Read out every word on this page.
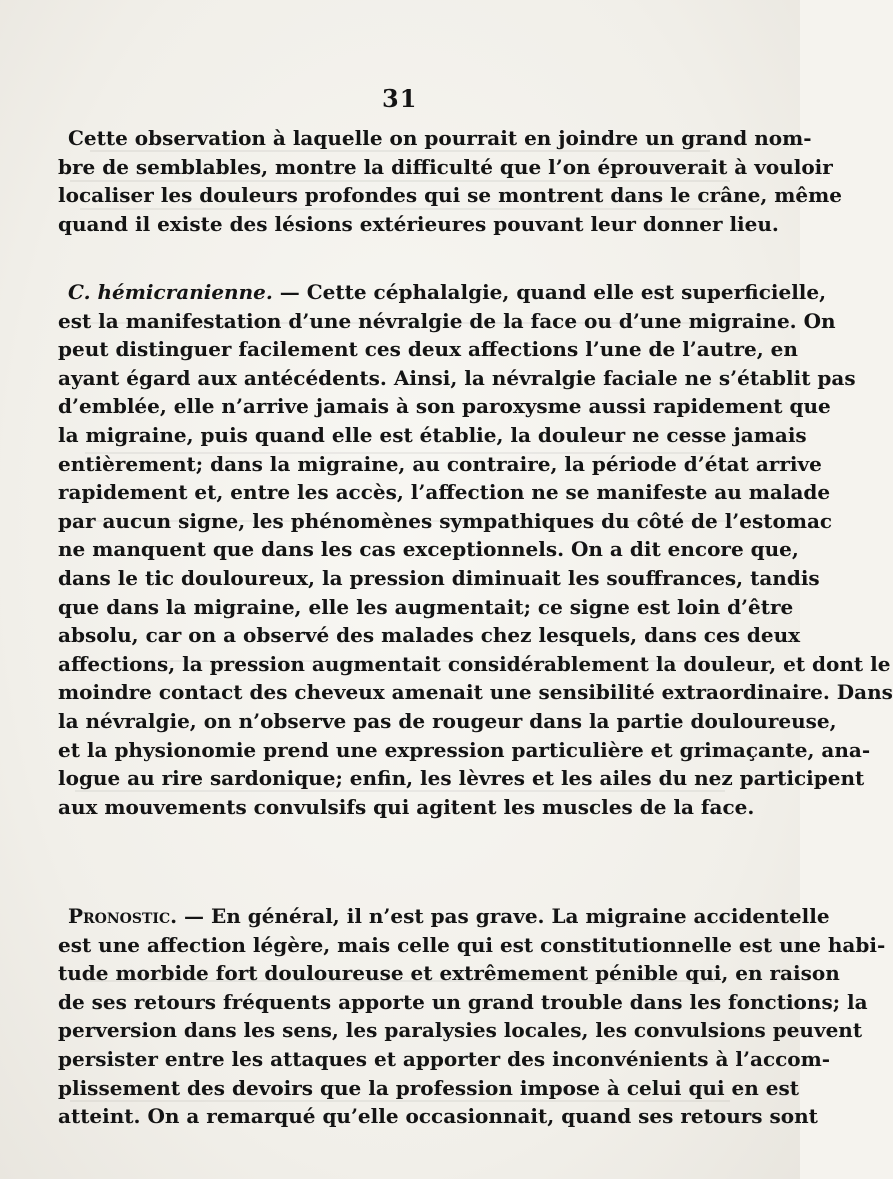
31
Cette observation à laquelle on pourrait en joindre un grand nom-
bre de semblables, montre la difficulté que l’on éprouverait à vouloir
localiser les douleurs profondes qui se montrent dans le crâne, même
quand il existe des lésions extérieures pouvant leur donner lieu.
C. hémicranienne. — Cette céphalalgie, quand elle est superficielle,
est la manifestation d’une névralgie de la face ou d’une migraine. On
peut distinguer facilement ces deux affections l’une de l’autre, en
ayant égard aux antécédents. Ainsi, la névralgie faciale ne s’établit pas
d’emblée, elle n’arrive jamais à son paroxysme aussi rapidement que
la migraine, puis quand elle est établie, la douleur ne cesse jamais
entièrement; dans la migraine, au contraire, la période d’état arrive
rapidement et, entre les accès, l’affection ne se manifeste au malade
par aucun signe, les phénomènes sympathiques du côté de l’estomac
ne manquent que dans les cas exceptionnels. On a dit encore que,
dans le tic douloureux, la pression diminuait les souffrances, tandis
que dans la migraine, elle les augmentait; ce signe est loin d’être
absolu, car on a observé des malades chez lesquels, dans ces deux
affections, la pression augmentait considérablement la douleur, et dont le
moindre contact des cheveux amenait une sensibilité extraordinaire. Dans
la névralgie, on n’observe pas de rougeur dans la partie douloureuse,
et la physionomie prend une expression particulière et grimaçante, ana-
logue au rire sardonique; enfin, les lèvres et les ailes du nez participent
aux mouvements convulsifs qui agitent les muscles de la face.
Pronostic. — En général, il n’est pas grave. La migraine accidentelle
est une affection légère, mais celle qui est constitutionnelle est une habi-
tude morbide fort douloureuse et extrêmement pénible qui, en raison
de ses retours fréquents apporte un grand trouble dans les fonctions; la
perversion dans les sens, les paralysies locales, les convulsions peuvent
persister entre les attaques et apporter des inconvénients à l’accom-
plissement des devoirs que la profession impose à celui qui en est
atteint. On a remarqué qu’elle occasionnait, quand ses retours sont
